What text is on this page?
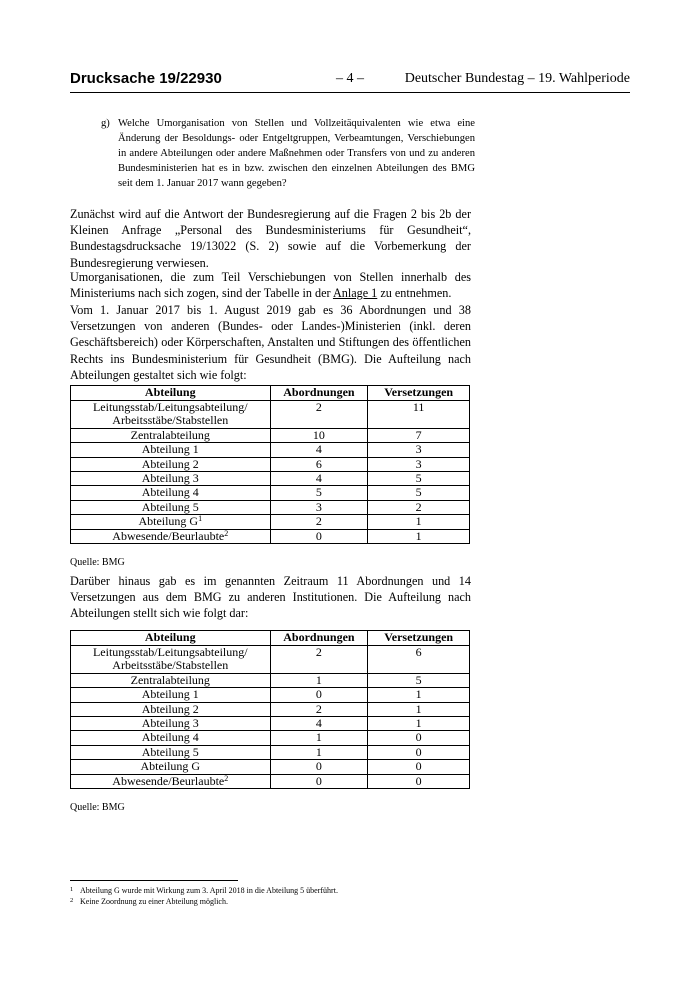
Drucksache 19/22930	– 4 –	Deutscher Bundestag – 19. Wahlperiode
g) Welche Umorganisation von Stellen und Vollzeitäquivalenten wie etwa eine Änderung der Besoldungs- oder Entgeltgruppen, Verbeamtungen, Verschiebungen in andere Abteilungen oder andere Maßnehmen oder Transfers von und zu anderen Bundesministerien hat es in bzw. zwischen den einzelnen Abteilungen des BMG seit dem 1. Januar 2017 wann gegeben?

Zunächst wird auf die Antwort der Bundesregierung auf die Fragen 2 bis 2b der Kleinen Anfrage „Personal des Bundesministeriums für Gesundheit“, Bundestagsdrucksache 19/13022 (S. 2) sowie auf die Vorbemerkung der Bundesregierung verwiesen.

Umorganisationen, die zum Teil Verschiebungen von Stellen innerhalb des Ministeriums nach sich zogen, sind der Tabelle in der Anlage 1 zu entnehmen.

Vom 1. Januar 2017 bis 1. August 2019 gab es 36 Abordnungen und 38 Versetzungen von anderen (Bundes- oder Landes-)Ministerien (inkl. deren Geschäftsbereich) oder Körperschaften, Anstalten und Stiftungen des öffentlichen Rechts ins Bundesministerium für Gesundheit (BMG). Die Aufteilung nach Abteilungen gestaltet sich wie folgt:

Abteilung	Abordnungen	Versetzungen
Leitungsstab/Leitungsabteilung/
Arbeitsstäbe/Stabstellen	2	11
Zentralabteilung	10	7
Abteilung 1	4	3
Abteilung 2	6	3
Abteilung 3	4	5
Abteilung 4	5	5
Abteilung 5	3	2
Abteilung $G^1$	2	1
Abwesende/Beurlaubte$^2$	0	1
Quelle: BMG

Darüber hinaus gab es im genannten Zeitraum 11 Abordnungen und 14 Versetzungen aus dem BMG zu anderen Institutionen. Die Aufteilung nach Abteilungen stellt sich wie folgt dar:

Abteilung	Abordnungen	Versetzungen
Leitungsstab/Leitungsabteilung/
Arbeitsstäbe/Stabstellen	2	6
Zentralabteilung	1	5
Abteilung 1	0	1
Abteilung 2	2	1
Abteilung 3	4	1
Abteilung 4	1	0
Abteilung 5	1	0
Abteilung G	0	0
Abwesende/Beurlaubte$^2$	0	0
Quelle: BMG
1 Abteilung G wurde mit Wirkung zum 3. April 2018 in die Abteilung 5 überführt.
2 Keine Zoordnung zu einer Abteilung möglich.
